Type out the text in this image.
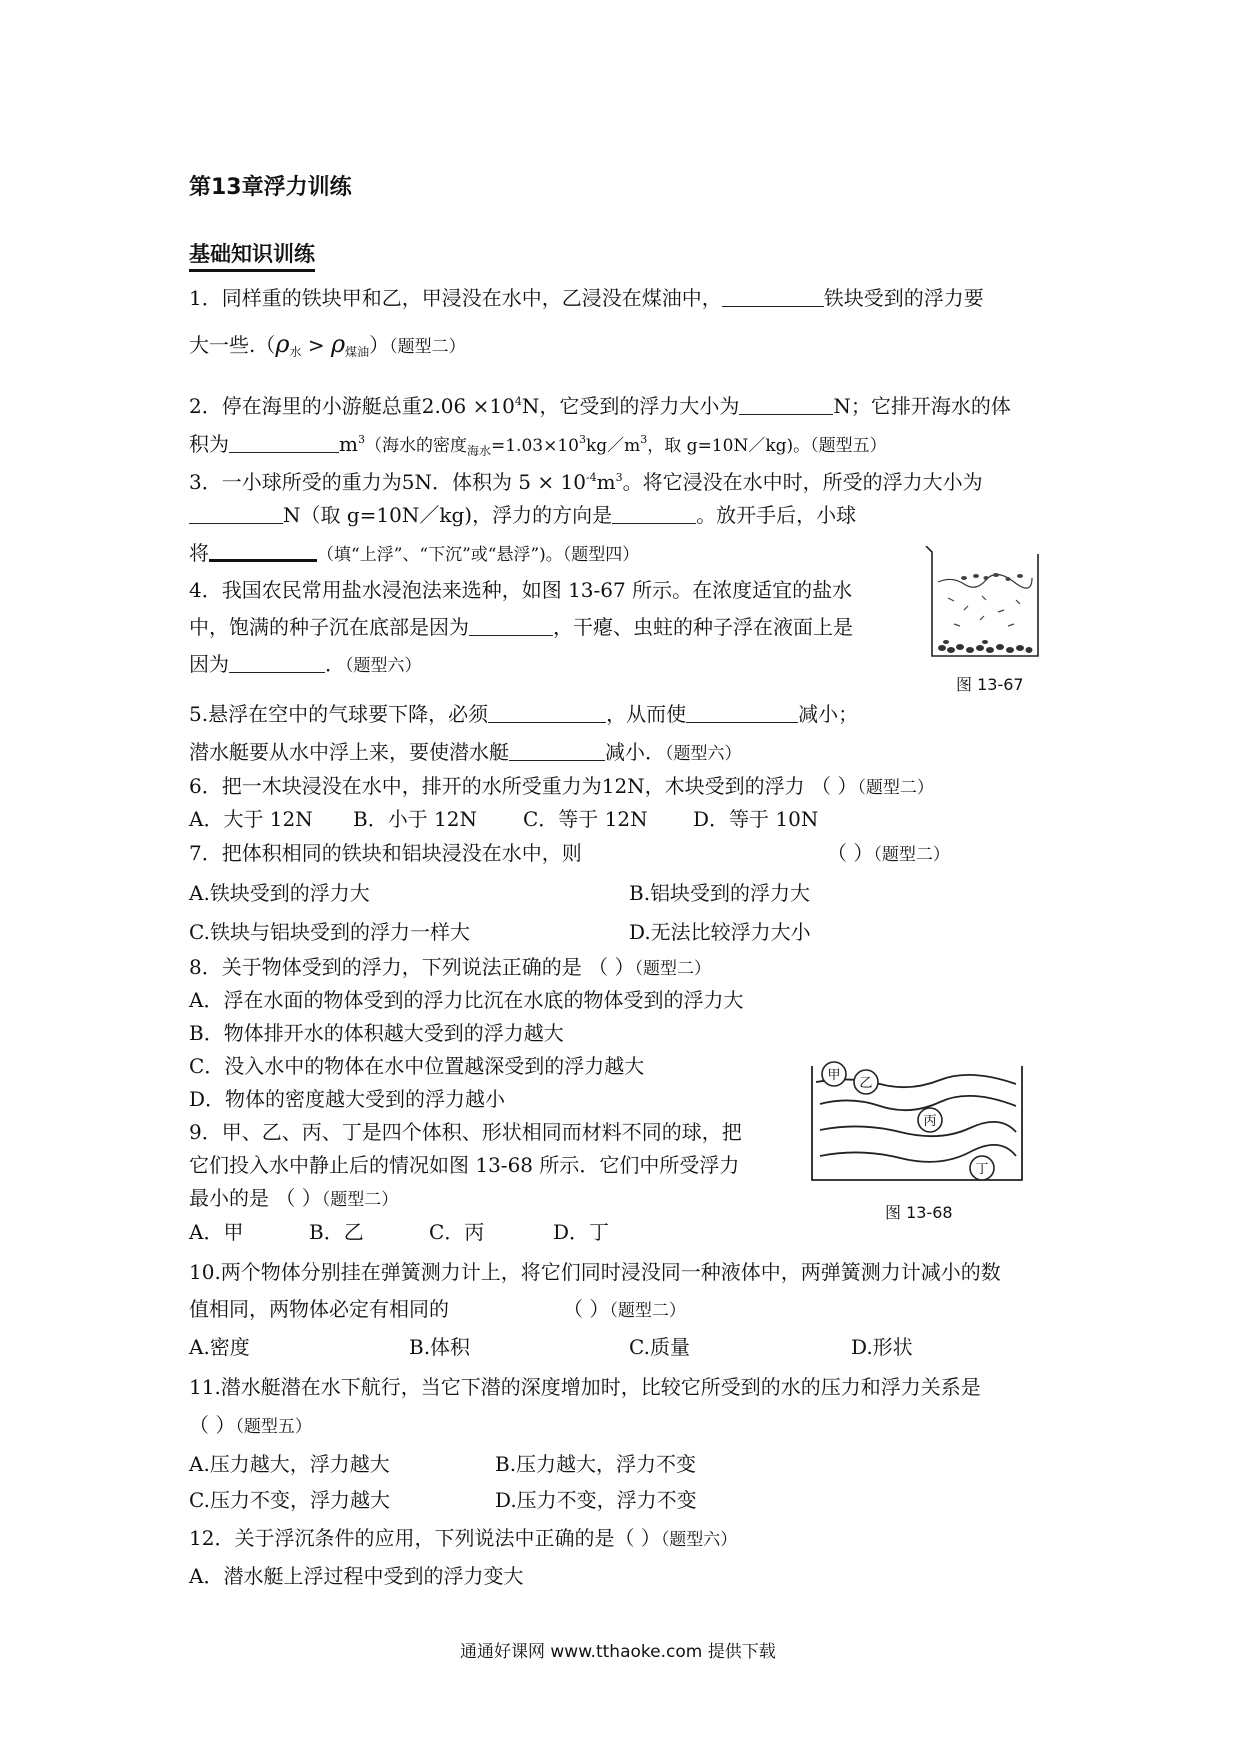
第13章浮力训练
基础知识训练
1．同样重的铁块甲和乙，甲浸没在水中，乙浸没在煤油中，	铁块受到的浮力要
大一些$.(\rho_水 > \rho_{煤油})$（题型二）
2．停在海里的小游艇总重$2.06 \times 10^4N$，它受到的浮力大小为	N；它排开海水的体
积为	$m^3$（海水的密度$_{海水}=1.03\times 10^3kg/m^3$，取 g=10N／kg)。（题型五）
3．一小球所受的重力为5N．体积为 $5 \times 10^{-4}m^3$。将它浸没在水中时，所受的浮力大小为
N（取 g=10N／kg)，浮力的方向是	。放开手后，小球
将	（填“上浮”、“下沉”或“悬浮”)。（题型四）
4．我国农民常用盐水浸泡法来选种，如图 13-67 所示。在浓度适宜的盐水
中，饱满的种子沉在底部是因为	，干瘪、虫蛀的种子浮在液面上是
因为	．（题型六）
图 13-67
5.悬浮在空中的气球要下降，必须	，从而使	减小；
潜水艇要从水中浮上来，要使潜水艇	减小．（题型六）
6．把一木块浸没在水中，排开的水所受重力为12N，木块受到的浮力 （ ）（题型二）
A．大于 12N B．小于 12N C．等于 12N D．等于 10N
7．把体积相同的铁块和铝块浸没在水中，则	（ ）（题型二）
A.铁块受到的浮力大	B.铝块受到的浮力大
C.铁块与铝块受到的浮力一样大	D.无法比较浮力大小
8．关于物体受到的浮力，下列说法正确的是 （ ）（题型二）
A．浮在水面的物体受到的浮力比沉在水底的物体受到的浮力大
B．物体排开水的体积越大受到的浮力越大
C．没入水中的物体在水中位置越深受到的浮力越大
D．物体的密度越大受到的浮力越小
甲
乙
丙
丁
图 13-68
9．甲、乙、丙、丁是四个体积、形状相同而材料不同的球，把
它们投入水中静止后的情况如图 13-68 所示．它们中所受浮力
最小的是 （ ）（题型二）
A．甲	B．乙	C．丙	D．丁
10.两个物体分别挂在弹簧测力计上，将它们同时浸没同一种液体中，两弹簧测力计减小的数
值相同，两物体必定有相同的	（ ）（题型二）
A.密度	B.体积	C.质量	D.形状
11.潜水艇潜在水下航行，当它下潜的深度增加时，比较它所受到的水的压力和浮力关系是
（ ）（题型五）
A.压力越大，浮力越大	B.压力越大，浮力不变
C.压力不变，浮力越大	D.压力不变，浮力不变
12．关于浮沉条件的应用，下列说法中正确的是（ ）（题型六）
A．潜水艇上浮过程中受到的浮力变大
通通好课网 www.tthaoke.com 提供下载
